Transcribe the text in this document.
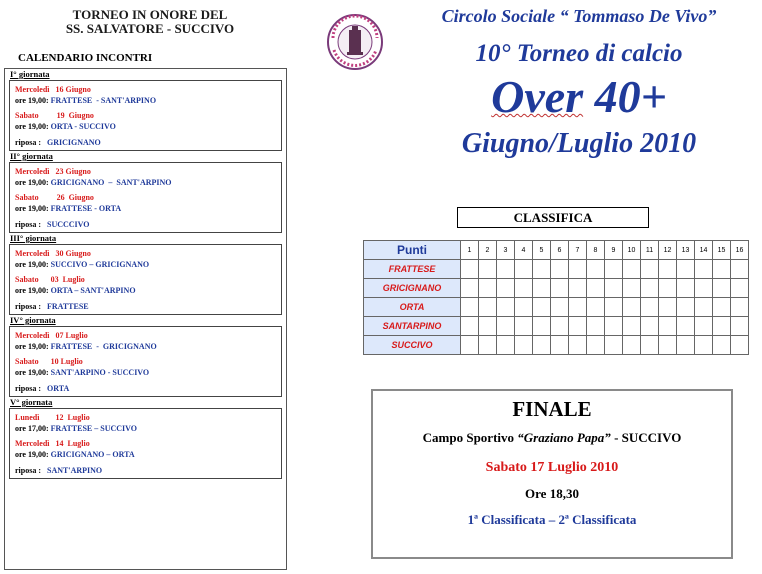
TORNEO IN ONORE DEL
SS. SALVATORE - SUCCIVO
CALENDARIO INCONTRI
I° giornata
Mercoledì   16 Giugno
ore 19,00: FRATTESE  - SANT'ARPINO
Sabato         19  Giugno
ore 19,00: ORTA - SUCCIVO
riposa : GRICIGNANO
II° giornata
Mercoledì   23 Giugno
ore 19,00: GRICIGNANO  –  SANT'ARPINO
Sabato         26  Giugno
ore 19,00: FRATTESE - ORTA
riposa : SUCCCIVO
III° giornata
Mercoledì   30 Giugno
ore 19,00: SUCCIVO – GRICIGNANO
Sabato      03  Luglio
ore 19,00: ORTA – SANT'ARPINO
riposa : FRATTESE
IV° giornata
Mercoledì   07 Luglio
ore 19,00: FRATTESE  -  GRICIGNANO
Sabato      10 Luglio
ore 19,00: SANT'ARPINO - SUCCIVO
riposa : ORTA
V° giornata
Lunedì        12  Luglio
ore 17,00: FRATTESE – SUCCIVO
Mercoledì   14  Luglio
ore 19,00: GRICIGNANO – ORTA
riposa : SANT'ARPINO
Circolo Sociale “ Tommaso De Vivo”
10° Torneo di calcio
Over 40+
Giugno/Luglio 2010
CLASSIFICA
Punti	1	2	3	4	5	6	7	8	9	10	11	12	13	14	15	16
FRATTESE																
GRICIGNANO																
ORTA																
SANTARPINO																
SUCCIVO																
FINALE
Campo Sportivo “Graziano Papa” - SUCCIVO
Sabato 17 Luglio 2010
Ore 18,30
1ª Classificata – 2ª Classificata
